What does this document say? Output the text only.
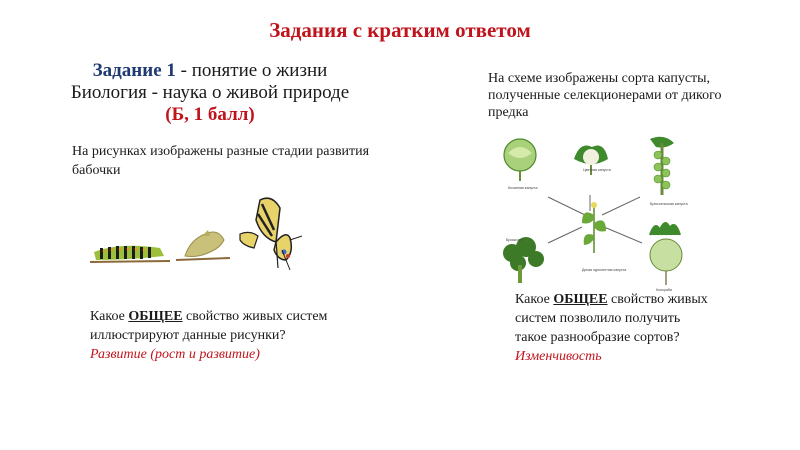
Задания с кратким ответом
Задание 1 - понятие о жизни Биология - наука о живой природе
(Б, 1 балл)
На рисунках изображены разные стадии развития бабочки
На схеме изображены сорта капусты, полученные селекционерами от дикого предка
Кочанная капуста
Цветная капуста
Брюссельская капуста
Дикая однолетняя капуста
Брокколи
Кольраби
Какое ОБЩЕЕ свойство живых систем иллюстрируют данные рисунки?
Развитие (рост и развитие)
Какое ОБЩЕЕ свойство живых систем позволило получить такое разнообразие сортов? Изменчивость
